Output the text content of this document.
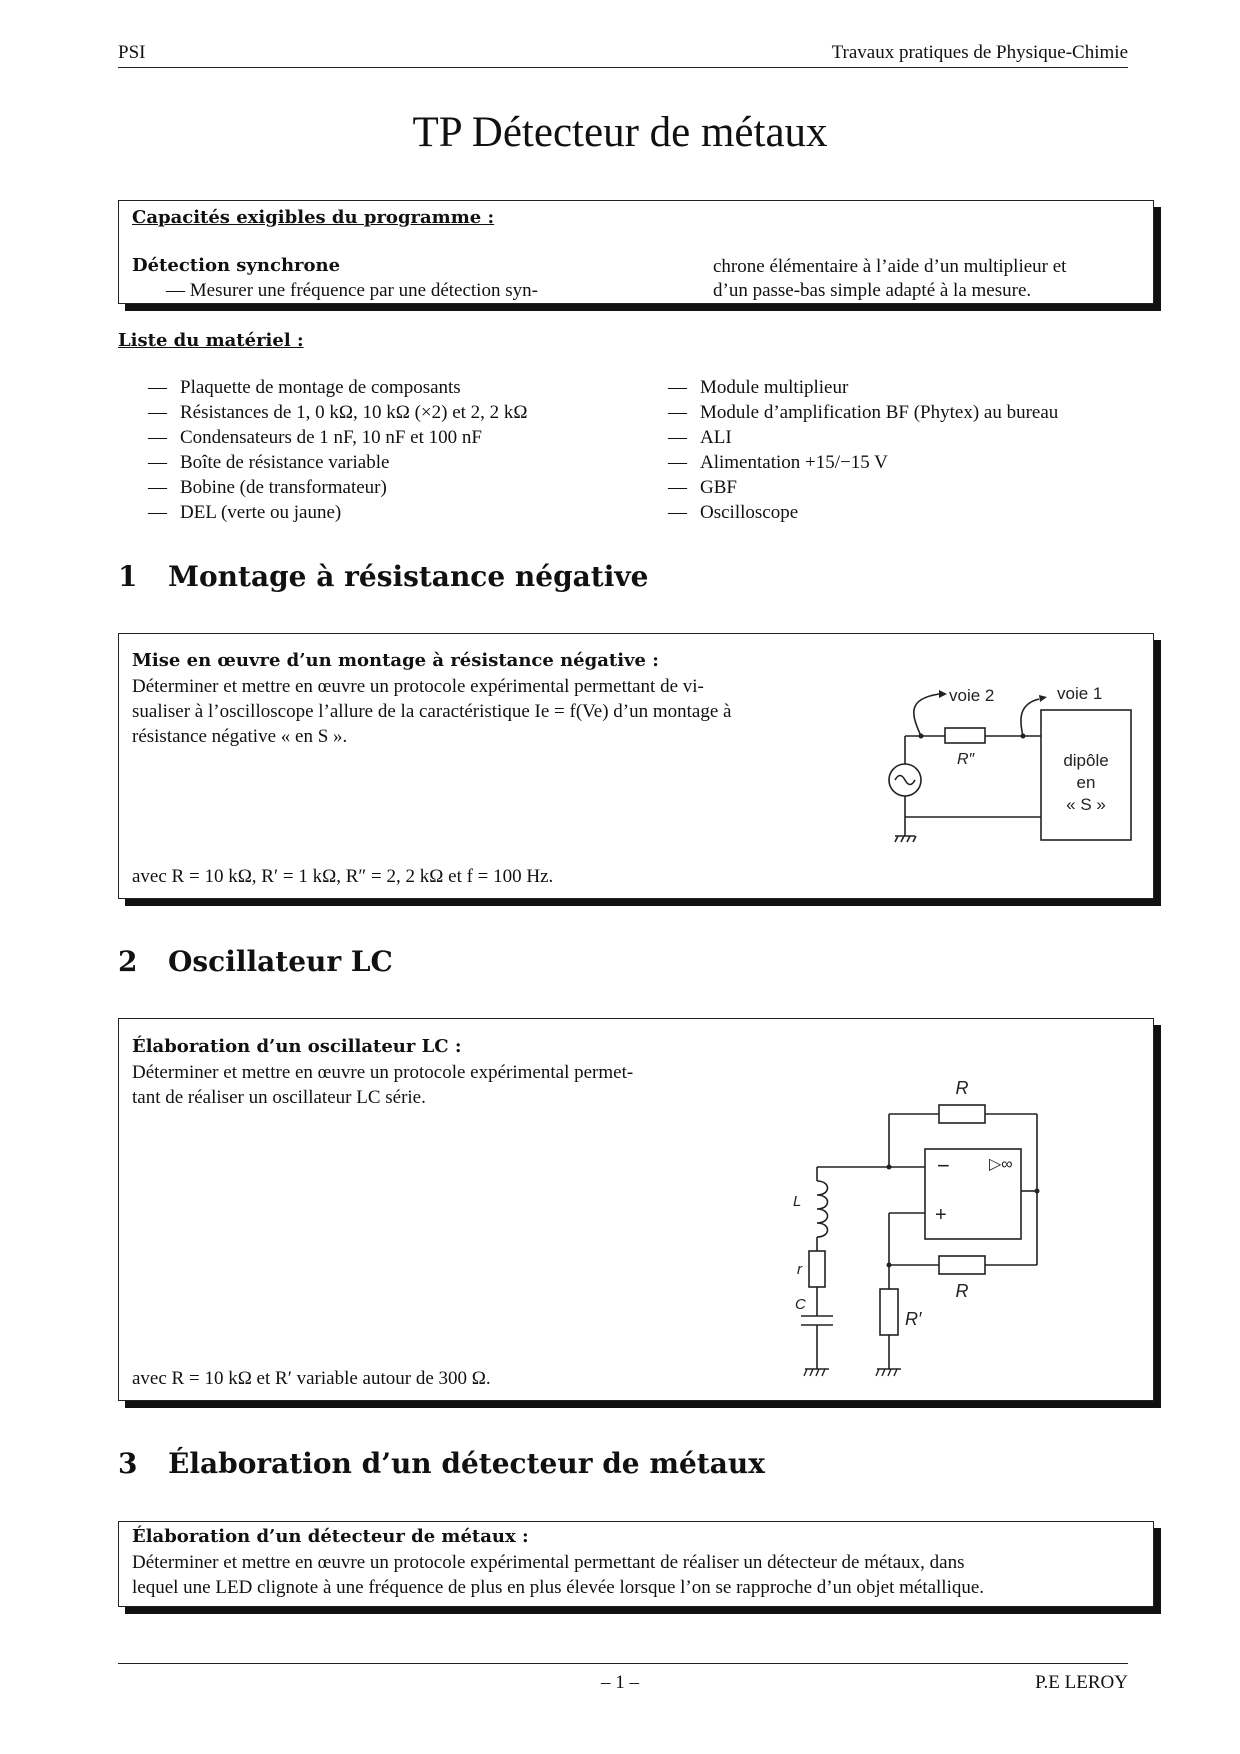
PSI	Travaux pratiques de Physique-Chimie
TP Détecteur de métaux
Capacités exigibles du programme :
Détection synchrone
— Mesurer une fréquence par une détection syn-
chrone élémentaire à l’aide d’un multiplieur et
d’un passe-bas simple adapté à la mesure.
Liste du matériel :
— Plaquette de montage de composants
— Résistances de 1, 0 kΩ, 10 kΩ (×2) et 2, 2 kΩ
— Condensateurs de 1 nF, 10 nF et 100 nF
— Boîte de résistance variable
— Bobine (de transformateur)
— DEL (verte ou jaune)
— Module multiplieur
— Module d’amplification BF (Phytex) au bureau
— ALI
— Alimentation +15/−15 V
— GBF
— Oscilloscope
1 Montage à résistance négative
Mise en œuvre d’un montage à résistance négative :
Déterminer et mettre en œuvre un protocole expérimental permettant de vi-
sualiser à l’oscilloscope l’allure de la caractéristique Ie = f(Ve) d’un montage à
résistance négative « en S ».
avec R = 10 kΩ, R′ = 1 kΩ, R″ = 2, 2 kΩ et f = 100 Hz.
voie 2	voie 1
R″	dipôle
en
« S »
2 Oscillateur LC
Élaboration d’un oscillateur LC :
Déterminer et mettre en œuvre un protocole expérimental permet-
tant de réaliser un oscillateur LC série.
avec R = 10 kΩ et R′ variable autour de 300 Ω.
R
R
R′
L
r
C
−
+
▷∞
3 Élaboration d’un détecteur de métaux
Élaboration d’un détecteur de métaux :
Déterminer et mettre en œuvre un protocole expérimental permettant de réaliser un détecteur de métaux, dans
lequel une LED clignote à une fréquence de plus en plus élevée lorsque l’on se rapproche d’un objet métallique.
– 1 –	P.E LEROY
